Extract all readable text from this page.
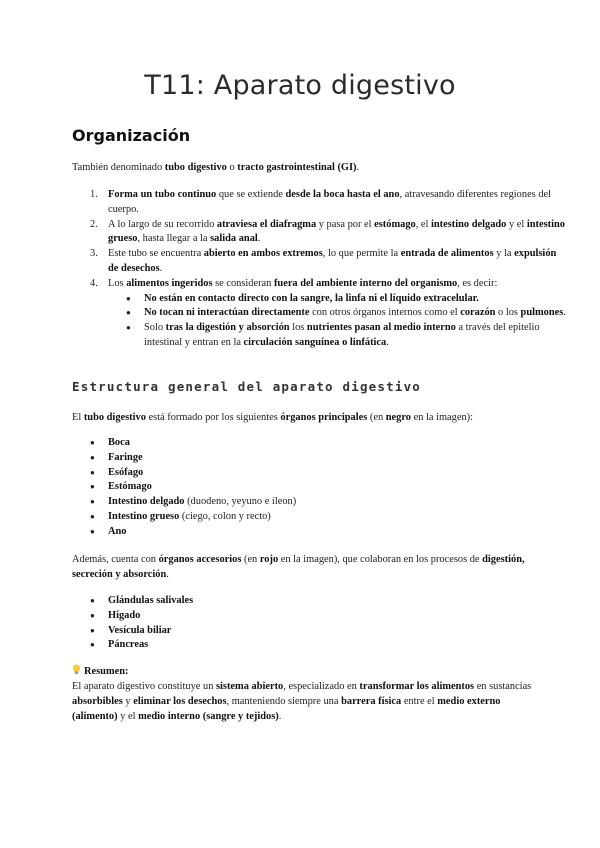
T11: Aparato digestivo
Organización
También denominado tubo digestivo o tracto gastrointestinal (GI).
Forma un tubo continuo que se extiende desde la boca hasta el ano, atravesando diferentes regiones del cuerpo.
A lo largo de su recorrido atraviesa el diafragma y pasa por el estómago, el intestino delgado y el intestino grueso, hasta llegar a la salida anal.
Este tubo se encuentra abierto en ambos extremos, lo que permite la entrada de alimentos y la expulsión de desechos.
Los alimentos ingeridos se consideran fuera del ambiente interno del organismo, es decir:
● No están en contacto directo con la sangre, la linfa ni el líquido extracelular.
● No tocan ni interactúan directamente con otros órganos internos como el corazón o los pulmones.
● Solo tras la digestión y absorción los nutrientes pasan al medio interno a través del epitelio intestinal y entran en la circulación sanguínea o linfática.
Estructura general del aparato digestivo
El tubo digestivo está formado por los siguientes órganos principales (en negro en la imagen):
● Boca
● Faringe
● Esófago
● Estómago
● Intestino delgado (duodeno, yeyuno e íleon)
● Intestino grueso (ciego, colon y recto)
● Ano
Además, cuenta con órganos accesorios (en rojo en la imagen), que colaboran en los procesos de digestión, secreción y absorción.
● Glándulas salivales
● Hígado
● Vesícula biliar
● Páncreas
Resumen:
El aparato digestivo constituye un sistema abierto, especializado en transformar los alimentos en sustancias absorbibles y eliminar los desechos, manteniendo siempre una barrera física entre el medio externo (alimento) y el medio interno (sangre y tejidos).
